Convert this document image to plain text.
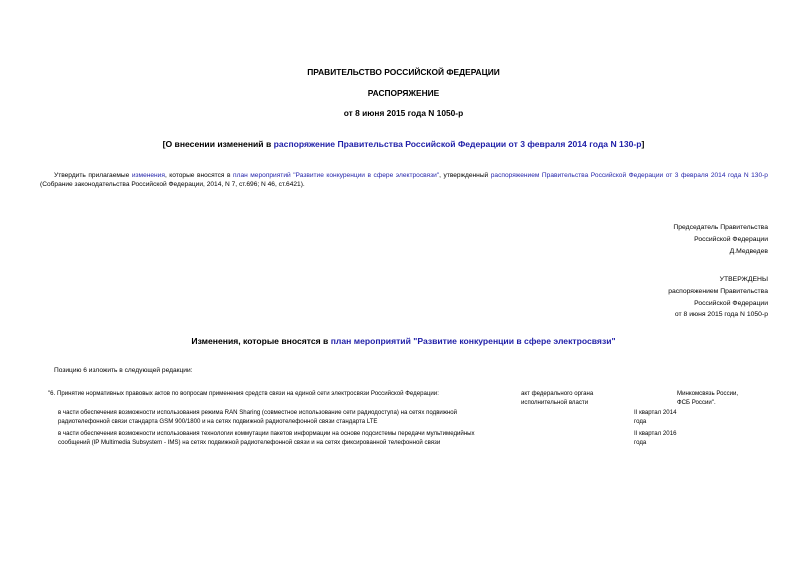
ПРАВИТЕЛЬСТВО РОССИЙСКОЙ ФЕДЕРАЦИИ
РАСПОРЯЖЕНИЕ
от 8 июня 2015 года N 1050-р
[О внесении изменений в распоряжение Правительства Российской Федерации от 3 февраля 2014 года N 130-р]
Утвердить прилагаемые изменения, которые вносятся в план мероприятий "Развитие конкуренции в сфере электросвязи", утвержденный распоряжением Правительства Российской Федерации от 3 февраля 2014 года N 130-р (Собрание законодательства Российской Федерации, 2014, N 7, ст.696; N 46, ст.6421).
Председатель Правительства
Российской Федерации
Д.Медведев
УТВЕРЖДЕНЫ
распоряжением Правительства
Российской Федерации
от 8 июня 2015 года N 1050-р
Изменения, которые вносятся в план мероприятий "Развитие конкуренции в сфере электросвязи"
Позицию 6 изложить в следующей редакции:
"6. Принятие нормативных правовых актов по вопросам применения средств связи на единой сети электросвязи Российской Федерации:	акт федерального органа
исполнительной власти
Минкомсвязь России,
ФСБ России".
в части обеспечения возможности использования режима RAN Sharing (совместное использование сети радиодоступа) на сетях подвижной
радиотелефонной связи стандарта GSM 900/1800 и на сетях подвижной радиотелефонной связи стандарта LTE
II квартал 2014
года
в части обеспечения возможности использования технологии коммутации пакетов информации на основе подсистемы передачи мультимедийных
сообщений (IP Multimedia Subsystem - IMS) на сетях подвижной радиотелефонной связи и на сетях фиксированной телефонной связи
II квартал 2016
года
